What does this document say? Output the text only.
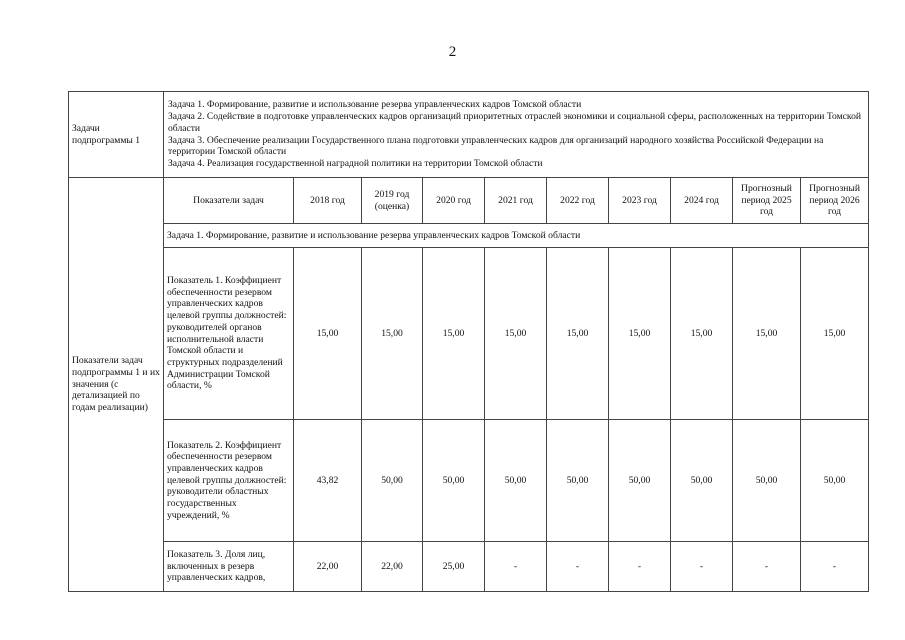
2
Задачи подпрограммы 1	Задача 1. Формирование, развитие и использование резерва управленческих кадров Томской области
Задача 2. Содействие в подготовке управленческих кадров организаций приоритетных отраслей экономики и социальной сферы, расположенных на территории Томской области
Задача 3. Обеспечение реализации Государственного плана подготовки управленческих кадров для организаций народного хозяйства Российской Федерации на территории Томской области
Задача 4. Реализация государственной наградной политики на территории Томской области									

Показатели задач подпрограммы 1 и их значения (с детализацией по годам реализации)	Показатели задач	2018 год	2019 год (оценка)	2020 год	2021 год	2022 год	2023 год	2024 год	Прогнозный период 2025 год	Прогнозный период 2026 год
	Задача 1. Формирование, развитие и использование резерва управленческих кадров Томской области									
	Показатель 1. Коэффициент обеспеченности резервом управленческих кадров целевой группы должностей: руководителей органов исполнительной власти Томской области и структурных подразделений Администрации Томской области, %	15,00	15,00	15,00	15,00	15,00	15,00	15,00	15,00	15,00
	Показатель 2. Коэффициент обеспеченности резервом управленческих кадров целевой группы должностей: руководители областных государственных учреждений, %	43,82	50,00	50,00	50,00	50,00	50,00	50,00	50,00	50,00
	Показатель 3. Доля лиц, включенных в резерв управленческих кадров,	22,00	22,00	25,00	-	-	-	-	-	-
